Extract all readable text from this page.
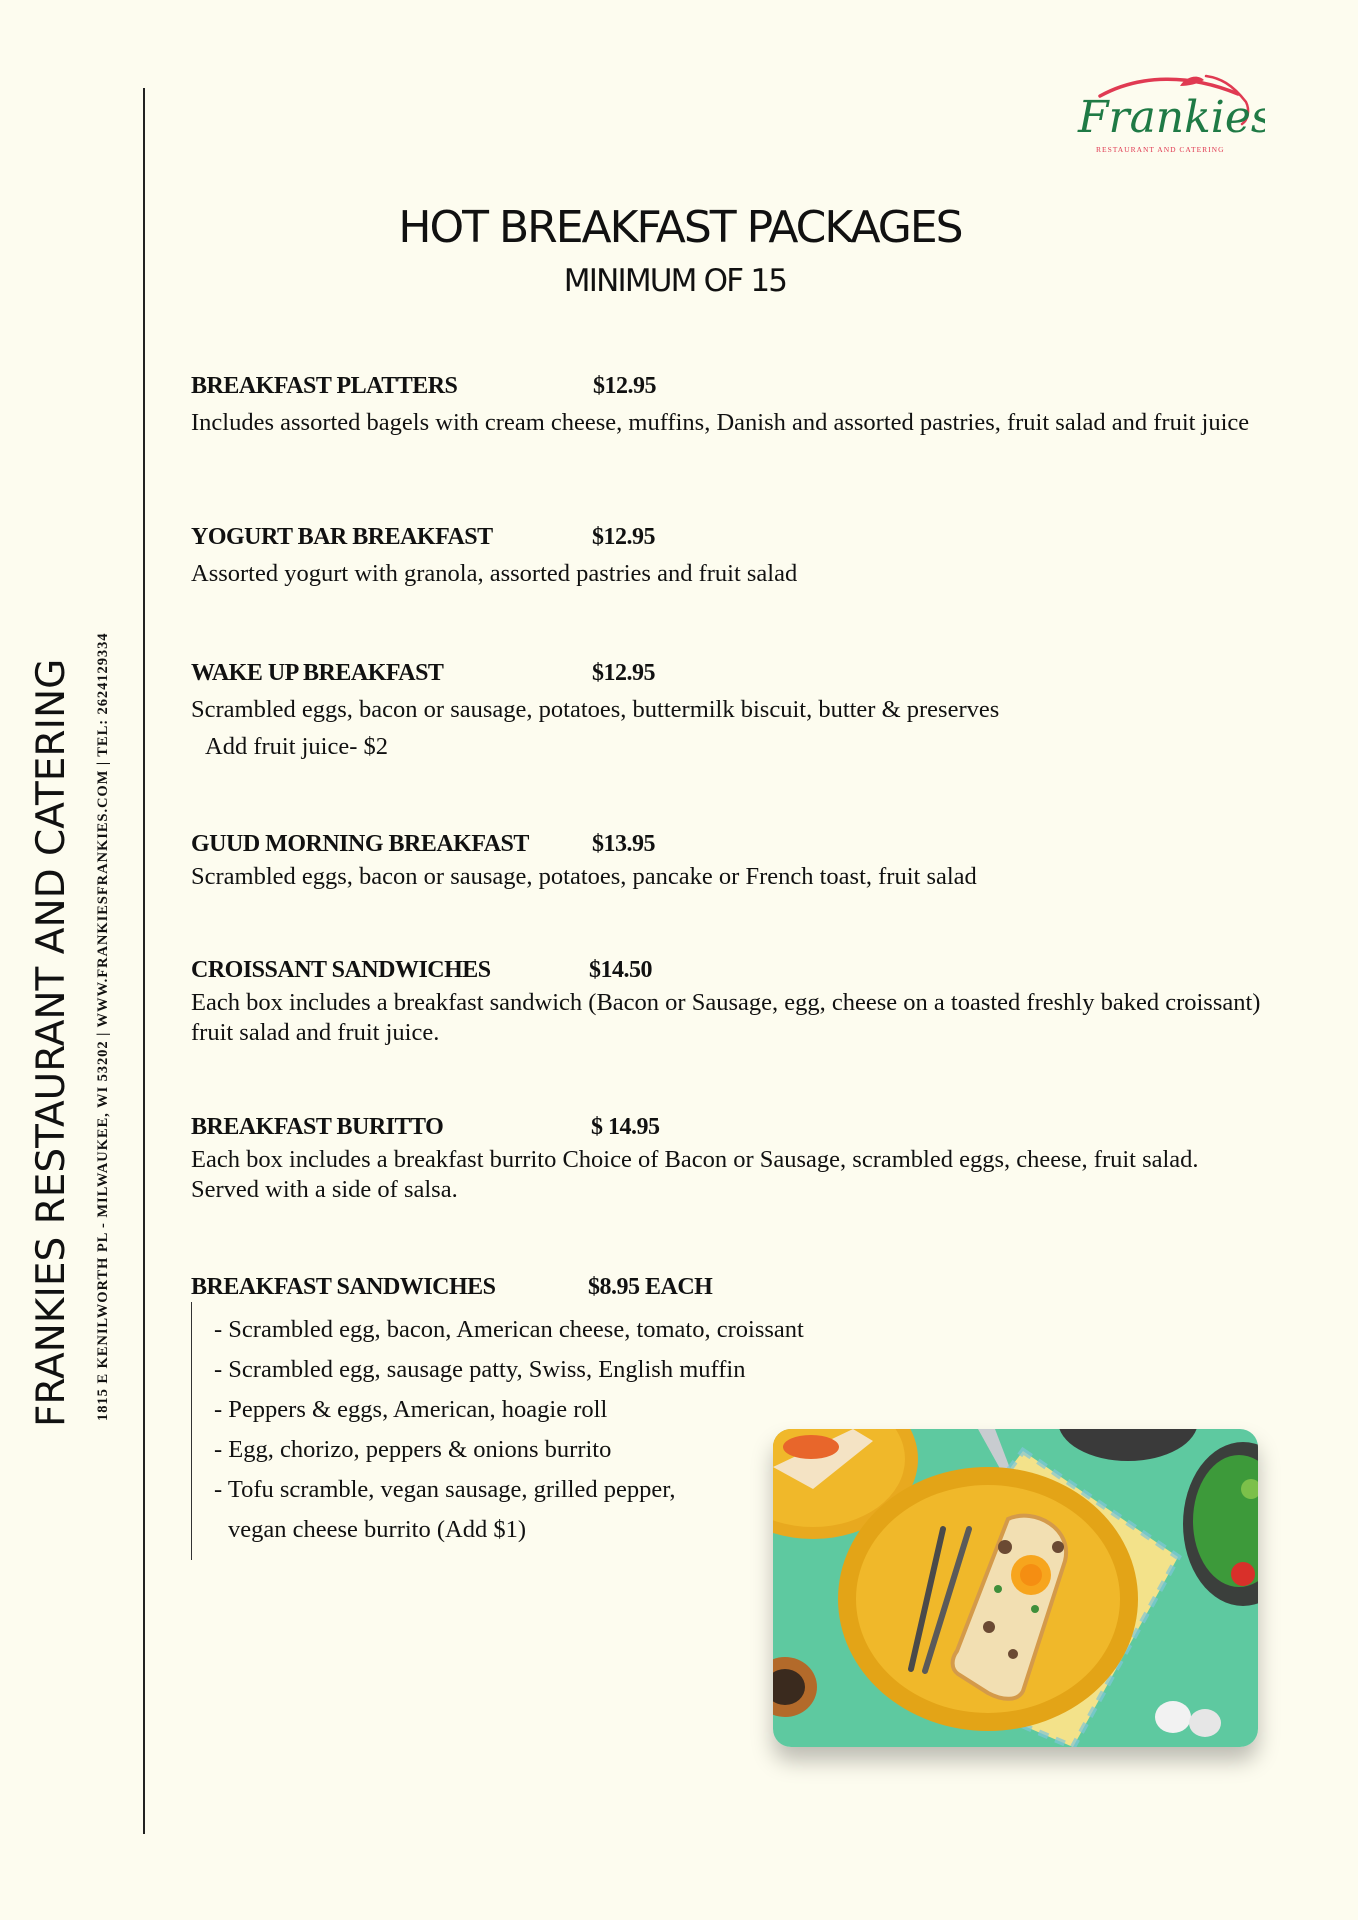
FRANKIES RESTAURANT AND CATERING	1815 E KENILWORTH PL - MILWAUKEE, WI 53202 | WWW.FRANKIESFRANKIES.COM | TEL: 2624129334
Frankies
RESTAURANT AND CATERING
HOT BREAKFAST PACKAGES
MINIMUM OF 15
BREAKFAST PLATTERS	$12.95
Includes assorted bagels with cream cheese, muffins, Danish and assorted pastries, fruit salad and fruit juice
YOGURT BAR BREAKFAST	$12.95
Assorted yogurt with granola, assorted pastries and fruit salad
WAKE UP BREAKFAST	$12.95
Scrambled eggs, bacon or sausage, potatoes, buttermilk biscuit, butter & preserves
Add fruit juice- $2
GUUD MORNING BREAKFAST	$13.95
Scrambled eggs, bacon or sausage, potatoes, pancake or French toast, fruit salad
CROISSANT SANDWICHES	$14.50
Each box includes a breakfast sandwich (Bacon or Sausage, egg, cheese on a toasted freshly baked croissant) fruit salad and fruit juice.
BREAKFAST BURITTO	$ 14.95
Each box includes a breakfast burrito Choice of Bacon or Sausage, scrambled eggs, cheese, fruit salad. Served with a side of salsa.
BREAKFAST SANDWICHES	$8.95 EACH
- Scrambled egg, bacon, American cheese, tomato, croissant
- Scrambled egg, sausage patty, Swiss, English muffin
- Peppers & eggs, American, hoagie roll
- Egg, chorizo, peppers & onions burrito
- Tofu scramble, vegan sausage, grilled pepper,
vegan cheese burrito (Add $1)
